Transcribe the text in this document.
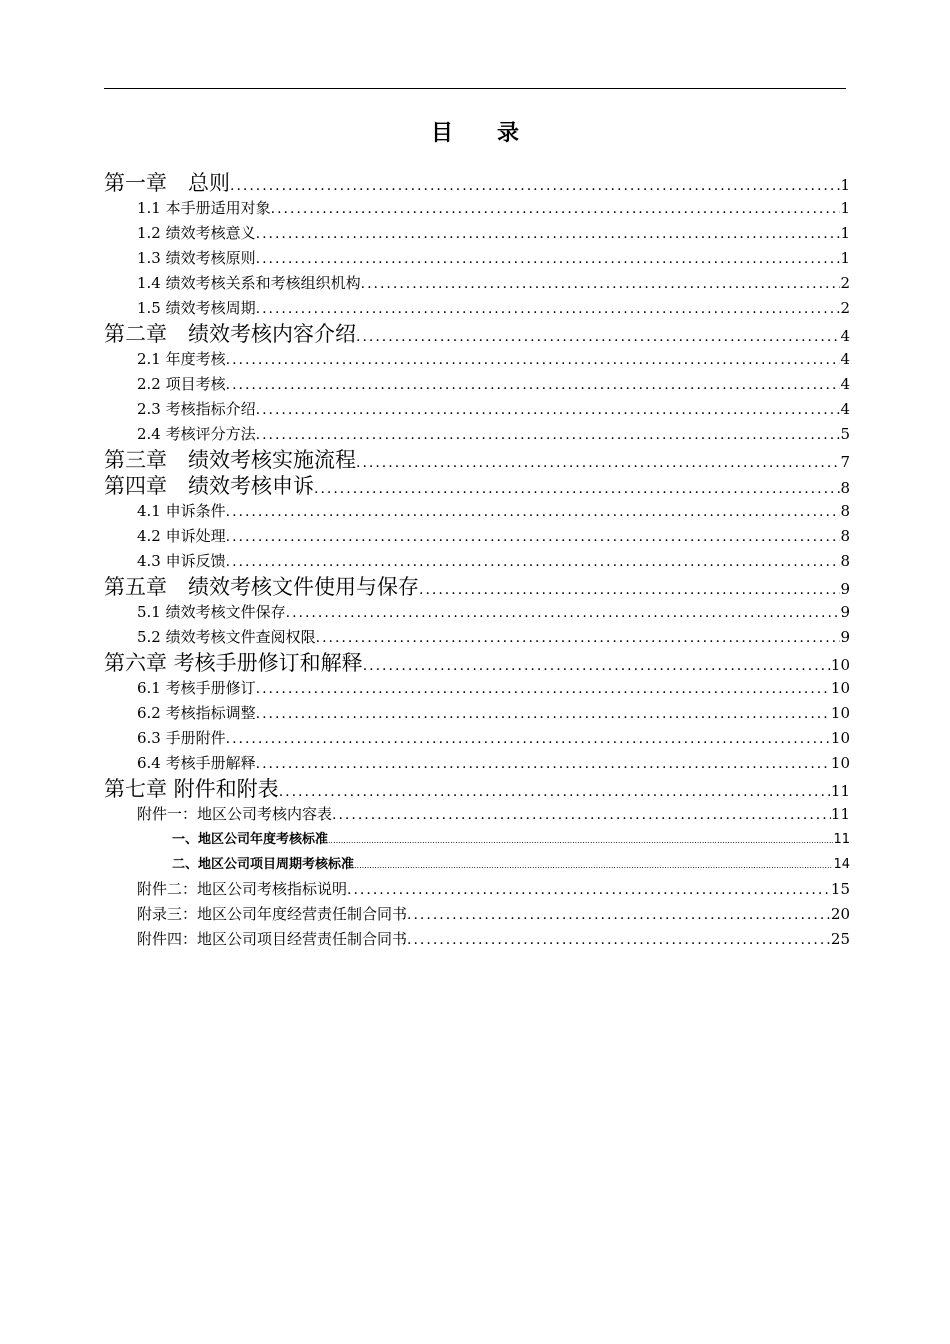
目 录
第一章　总则 .....	1
1.1 本手册适用对象 .....	1
1.2 绩效考核意义 .....	1
1.3 绩效考核原则 .....	1
1.4 绩效考核关系和考核组织机构 .....	2
1.5 绩效考核周期 .....	2
第二章　绩效考核内容介绍 .....	4
2.1 年度考核 .....	4
2.2 项目考核 .....	4
2.3 考核指标介绍 .....	4
2.4 考核评分方法 .....	5
第三章　绩效考核实施流程 .....	7
第四章　绩效考核申诉 .....	8
4.1 申诉条件 .....	8
4.2 申诉处理 .....	8
4.3 申诉反馈 .....	8
第五章　绩效考核文件使用与保存 .....	9
5.1 绩效考核文件保存 .....	9
5.2 绩效考核文件查阅权限 .....	9
第六章 考核手册修订和解释 .....	10
6.1 考核手册修订 .....	10
6.2 考核指标调整 .....	10
6.3 手册附件 .....	10
6.4 考核手册解释 .....	10
第七章 附件和附表 .....	11
附件一：地区公司考核内容表 .....	11
一、地区公司年度考核标准 .....	11
二、地区公司项目周期考核标准 .....	14
附件二：地区公司考核指标说明 .....	15
附录三：地区公司年度经营责任制合同书 .....	20
附件四：地区公司项目经营责任制合同书 .....	25
